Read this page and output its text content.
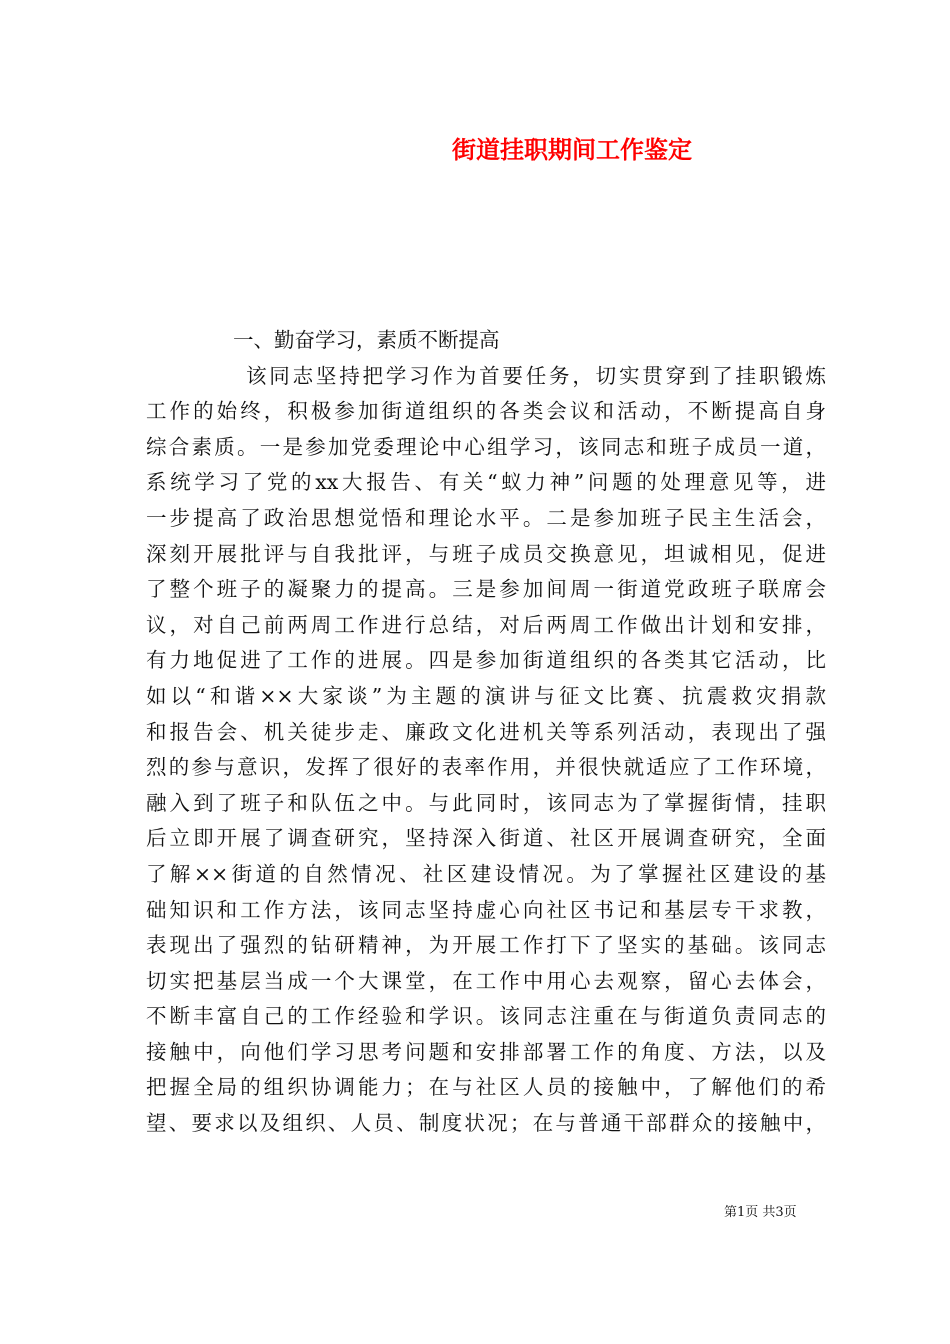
街道挂职期间工作鉴定
一、勤奋学习，素质不断提高
该同志坚持把学习作为首要任务，切实贯穿到了挂职锻炼
工作的始终，积极参加街道组织的各类会议和活动，不断提高自身
综合素质。一是参加党委理论中心组学习，该同志和班子成员一道，
系统学习了党的xx大报告、有关“蚁力神”问题的处理意见等，进
一步提高了政治思想觉悟和理论水平。二是参加班子民主生活会，
深刻开展批评与自我批评，与班子成员交换意见，坦诚相见，促进
了整个班子的凝聚力的提高。三是参加间周一街道党政班子联席会
议，对自己前两周工作进行总结，对后两周工作做出计划和安排，
有力地促进了工作的进展。四是参加街道组织的各类其它活动，比
如以“和谐××大家谈”为主题的演讲与征文比赛、抗震救灾捐款
和报告会、机关徒步走、廉政文化进机关等系列活动，表现出了强
烈的参与意识，发挥了很好的表率作用，并很快就适应了工作环境，
融入到了班子和队伍之中。与此同时，该同志为了掌握街情，挂职
后立即开展了调查研究，坚持深入街道、社区开展调查研究，全面
了解××街道的自然情况、社区建设情况。为了掌握社区建设的基
础知识和工作方法，该同志坚持虚心向社区书记和基层专干求教，
表现出了强烈的钻研精神，为开展工作打下了坚实的基础。该同志
切实把基层当成一个大课堂，在工作中用心去观察，留心去体会，
不断丰富自己的工作经验和学识。该同志注重在与街道负责同志的
接触中，向他们学习思考问题和安排部署工作的角度、方法，以及
把握全局的组织协调能力；在与社区人员的接触中，了解他们的希
望、要求以及组织、人员、制度状况；在与普通干部群众的接触中，
第1页 共3页
